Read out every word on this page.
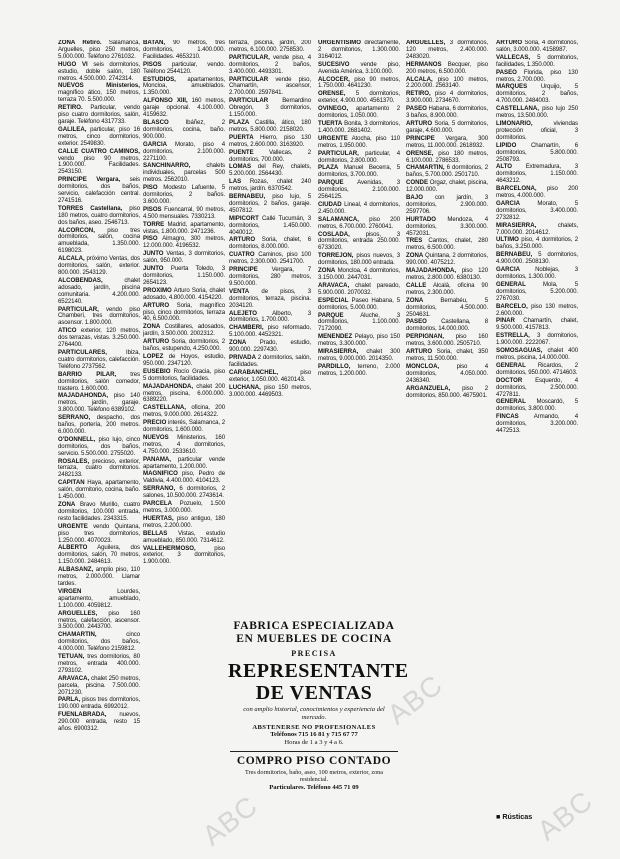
ZONA Retiro. Salamanca, Arguelles, piso 250 metros, 5.000.000. Teléfono 2761032.
HUGO VI seis dormitorios, estudio, doble salón, 180 metros. 4.500.000. 2742314.
NUEVOS Ministerios, magnífico ático, 150 metros, terraza 70. 5.500.000.
RETIRO. Particular, vendo piso cuatro dormitorios, salón, garaje. Teléfono 4317733.
GALILEA, particular, piso 16 metros, cinco dormitorios, exterior. 2549830.
CALLE CUATRO CAMINOS, vendo piso 90 metros, 1.900.000. Facilidades. 2543150.
PRINCIPE Vergara, seis dormitorios, dos baños, servicio, calefacción central. 2741516.
TORRES Castellana, piso 180 metros, cuatro dormitorios, dos baños, aseo. 2546713.
ALCORCON, piso tres dormitorios, salón, cocina amueblada, 1.350.000. 6198023.
ALCALA, próximo Ventas, dos dormitorios, salón, exterior. 800.000. 2543129.
ALCOBENDAS,	chalet adosado, jardín, piscina comunitaria. 4.200.000. 6522140.
PARTICULAR, vendo piso Chamberí, tres dormitorios, ascensor. 1.800.000.
ATICO exterior, 120 metros, dos terrazas, vistas. 3.250.000. 2764400.
PARTICULARES,	Ibiza, cuatro dormitorios, calefacción. Teléfono 2737562.
BARRIO PILAR, tres dormitorios, salón comedor, trastero. 1.600.000.
MAJADAHONDA, piso 140 metros, jardín, garaje. 3.800.000. Teléfono 6389102.
SERRANO, despacho, dos baños, portería, 200 metros. 6.000.000.
O'DONNELL, piso lujo, cinco dormitorios, dos baños, servicio. 5.500.000. 2755020.
ROSALES, precioso, exterior, terraza, cuatro dormitorios. 2482133.
CAPITAN Haya, apartamento, salón, dormitorio, cocina, baño. 1.450.000.
ZONA Bravo Murillo, cuatro dormitorios, 100.000 entrada, resto facilidades. 2343315.
URGENTE vendo Quintana, piso tres dormitorios, 1.250.000. 4070023.
ALBERTO Aguilera, dos dormitorios, salón, 70 metros, 1.150.000. 2484613.
ALBASANZ, amplio piso, 110 metros, 2.000.000. Llamar tardes.
VIRGEN	Lourdes, apartamento, amueblado, 1.100.000. 4059812.
ARGUELLES, piso 160 metros, calefacción, ascensor. 3.500.000. 2443700.
CHAMARTIN,	cinco dormitorios, dos baños, 4.000.000. Teléfono 2159812.
TETUAN, tres dormitorios, 80 metros, entrada 400.000. 2793102.
ARAVACA, chalet 250 metros, parcela, piscina. 7.500.000. 2071230.
PARLA, pisos tres dormitorios, 190.000 entrada. 6992012.
FUENLABRADA, nuevos, 290.000 entrada, resto 15 años. 6900312.
BATAN, 90 metros, tres dormitorios, 1.400.000. Facilidades. 4653210.
PISOS particular, vendo. Teléfono 2544120.
ESTUDIOS, apartamentos, Moncloa, amueblados. 1.350.000.
ALFONSO XIII, 160 metros, garaje opcional. 4.100.000. 4159632.
BLASCO	Ibáñez, 2 dormitorios, cocina, baño. 900.000.
GARCIA Morato, piso 4 dormitorios, 2.100.000. 2271100.
SANCHINARRO,	chalets individuales, parcelas 500 metros. 2562010.
PISO Modesto Lafuente, 5 dormitorios, 2 baños. 3.600.000.
PISOS Fuencarral, 90 metros, 4.500 mensuales. 7330213.
TORRE Madrid, apartamento, vistas, 1.800.000. 2471236.
PISO Almagro, 300 metros, 12.000.000. 4196532.
JUNTO Ventas, 3 dormitorios, salón, 950.000.
JUNTO Puerta Toledo, 3 dormitorios, 1.150.000. 2654123.
PROXIMO Arturo Soria, chalet adosado, 4.800.000. 4154220.
ARTURO Soria, magnífico piso, cinco dormitorios, terraza 40, 6.500.000.
ZONA Costillares, adosados, jardín, 3.500.000. 2002312.
ARTURO Soria, dormitorios, 2 baños, estupendo, 4.250.000.
LOPEZ de Hoyos, estudio, 950.000. 2347120.
EUSEBIO Rocío Gracia, piso 5 dormitorios, facilidades.
MAJADAHONDA, chalet 200 metros, piscina, 6.000.000. 6389220.
CASTELLANA, oficina, 200 metros, 9.000.000. 2614322.
PRECIO interés, Salamanca, 2 dormitorios, 1.600.000.
NUEVOS Ministerios, 160 metros, 4 dormitorios, 4.750.000. 2533610.
PANAMA, particular vende apartamento, 1.200.000.
MAGNIFICO piso, Pedro de Valdivia, 4.400.000. 4104123.
SERRANO, 6 dormitorios, 2 salones, 10.500.000. 2743614.
PARCELA Pozuelo, 1.500 metros, 3.000.000.
HUERTAS, piso antiguo, 180 metros, 2.200.000.
BELLAS Vistas, estudio amueblado, 850.000. 7314612.
VALLEHERMOSO,	piso exterior, 3 dormitorios, 1.900.000.
terraza, piscina, jardín, 200 metros, 6.100.000. 2758530.
PARTICULAR, vende piso, 4 dormitorios, 2 baños, 3.400.000. 4493301.
PARTICULAR vende piso, Chamartín, ascensor, 2.700.000. 2597841.
PARTICULAR Bernardino Obregón, 3 dormitorios, 1.150.000.
PLAZA Castilla, ático, 180 metros, 5.800.000. 2158020.
PUERTA Hierro, piso 130 metros, 2.600.000. 3163920.
PUENTE	Vallecas, 2 dormitorios, 700.000.
LOMAS del Rey, chalets, 5.200.000. 2564430.
LAS Rozas, chalet 240 metros, jardín. 6370542.
BERNABEU, piso lujo, 5 dormitorios, 2 baños, garaje. 4507812.
MIPICORT Callé Tucumán, 3 dormitorios, 1.450.000. 4040012.
ARTURO Soria, chalet, 6 dormitorios, 8.000.000.
CUATRO Caminos, piso 100 metros, 2.300.000. 2541700.
PRINCIPE Vergara, 7 dormitorios, 280 metros, 9.500.000.
VENTA de pisos, 3 dormitorios, terraza, piscina. 2034120.
ALEJETO Alberto, 3 dormitorios, 1.700.000.
CHAMBERI, piso reformado, 5.100.000. 4452321.
ZONA Prado, estudio, 900.000. 2297430.
PRIVADA 2 dormitorios, salón, facilidades.
CARABANCHEL,	piso exterior, 1.050.000. 4620143.
LUCHANA, piso 150 metros, 3.000.000. 4469503.
URGENTISIMO directamente, 2 dormitorios, 1.300.000. 3164012.
SUCESIVO vende piso, Avenida América, 3.100.000.
ALCOCER, piso 90 metros, 1.750.000. 4641230.
ORENSE, 5 dormitorios, exterior, 4.900.000. 4561370.
OVINEGO, apartamento 2 dormitorios, 1.050.000.
TUERTA Bonita, 3 dormitorios, 1.400.000. 2681402.
URGENTE Atocha, piso 110 metros, 1.950.000.
PARTICULAR, particular, 4 dormitorios, 2.800.000.
PLAZA Manuel Becerra, 5 dormitorios, 3.700.000.
PARQUE Avenidas, 3 dormitorios, 2.100.000. 2564125.
CIUDAD Lineal, 4 dormitorios, 2.450.000.
SALAMANCA, piso 200 metros, 6.700.000. 2760041.
COSLADA,	pisos, 3 dormitorios, entrada 250.000. 6733020.
TORREJON, pisos nuevos, 3 dormitorios, 180.000 entrada.
ZONA Moncloa, 4 dormitorios, 3.150.000. 2447031.
ARAVACA, chalet pareado, 5.900.000. 2070032.
ESPECIAL Paseo Habana, 5 dormitorios, 5.000.000.
PARQUE	Aluche, 3 dormitorios, 1.100.000. 7172090.
MENENDEZ Pelayo, piso 150 metros, 3.300.000.
MIRASIERRA, chalet 300 metros, 9.000.000. 2014350.
PARDILLO, terreno, 2.000 metros, 1.200.000.
ARGUELLES, 3 dormitorios, 120 metros, 2.400.000. 2483020.
HERMANOS Becquer, piso 200 metros, 6.500.000.
ALCALA, piso 100 metros, 2.200.000. 2563140.
RETIRO, piso 4 dormitorios, 3.900.000. 2734670.
PASEO Habana, 6 dormitorios, 3 baños, 8.900.000.
ARTURO Soria, 5 dormitorios, garaje, 4.600.000.
PRINCIPE Vergara, 300 metros, 11.000.000. 2618932.
ORENSE, piso 180 metros, 6.100.000. 2786533.
CHAMARTIN, 6 dormitorios, 2 baños, 5.700.000. 2501710.
CONDE Orgaz, chalet, piscina, 12.000.000.
BAJO con jardín, 3 dormitorios, 2.900.000. 2597706.
HURTADO Mendoza, 4 dormitorios, 3.300.000. 4572031.
TRES Cantos, chalet, 280 metros, 6.500.000.
ZONA Quintana, 2 dormitorios, 990.000. 4075212.
MAJADAHONDA, piso 120 metros, 2.800.000. 6380130.
CALLE Alcalá, oficina 90 metros, 2.300.000.
ZONA	Bernabéu, 5 dormitorios, 4.500.000. 2504631.
PASEO Castellana, 8 dormitorios, 14.000.000.
PERPIGNAN, piso 160 metros, 3.600.000. 2505710.
ARTURO Soria, chalet, 350 metros, 11.500.000.
MONCLOA,	piso 4 dormitorios, 4.050.000. 2436340.
ARGANZUELA, piso 2 dormitorios, 850.000. 4675901.
ARTURO Soria, 4 dormitorios, salón, 3.000.000. 4158987.
VALLECAS, 5 dormitorios, facilidades, 1.350.000.
PASEO Florida, piso 130 metros, 2.700.000.
MARQUES Urquijo, 5 dormitorios, 2 baños, 4.700.000. 2484003.
CASTELLANA, piso lujo 250 metros, 13.500.000.
LIMONARIO,	viviendas protección oficial, 3 dormitorios.
LIPIDO Chamartín, 6 dormitorios, 5.800.000. 2508793.
ALTO Extremadura, 3 dormitorios, 1.150.000. 4643212.
BARCELONA, piso 200 metros, 4.000.000.
GARCIA	Morato, 5 dormitorios, 3.400.000. 2732812.
MIRASIERRA,	chalets, 7.000.000. 2014612.
ULTIMO piso, 4 dormitorios, 2 baños, 3.250.000.
BERNABEU, 5 dormitorios, 4.900.000. 2508130.
GARCIA Noblejas, 3 dormitorios, 1.300.000.
GENERAL	Mola, 5 dormitorios, 5.200.000. 2767030.
BARCELO, piso 130 metros, 2.600.000.
PINAR Chamartín, chalet, 9.500.000. 4157813.
ESTRELLA, 3 dormitorios, 1.900.000. 2222067.
SOMOSAGUAS, chalet 400 metros, piscina, 14.000.000.
GENERAL Ricardos, 2 dormitorios, 950.000. 4714603.
DOCTOR Esquerdo, 4 dormitorios, 2.500.000. 4727811.
GENERAL Moscardó, 5 dormitorios, 3.800.000.
FINCAS Armando, 4 dormitorios, 3.200.000. 4472513.
FABRICA ESPECIALIZADA
EN MUEBLES DE COCINA
PRECISA
REPRESENTANTE
DE VENTAS
con amplio historial, conocimientos y experiencia del mercado.
ABSTENERSE NO PROFESIONALES
Teléfonos 715 16 81 y 715 67 77
Horas de 1 a 3 y 4 a 6.
COMPRO PISO CONTADO
Tres dormitorios, baño, aseo, 100 metros, exterior, zona residencial.
Particulares. Teléfono 445 71 09
■ Rústicas
ABC
ABC	ABC
